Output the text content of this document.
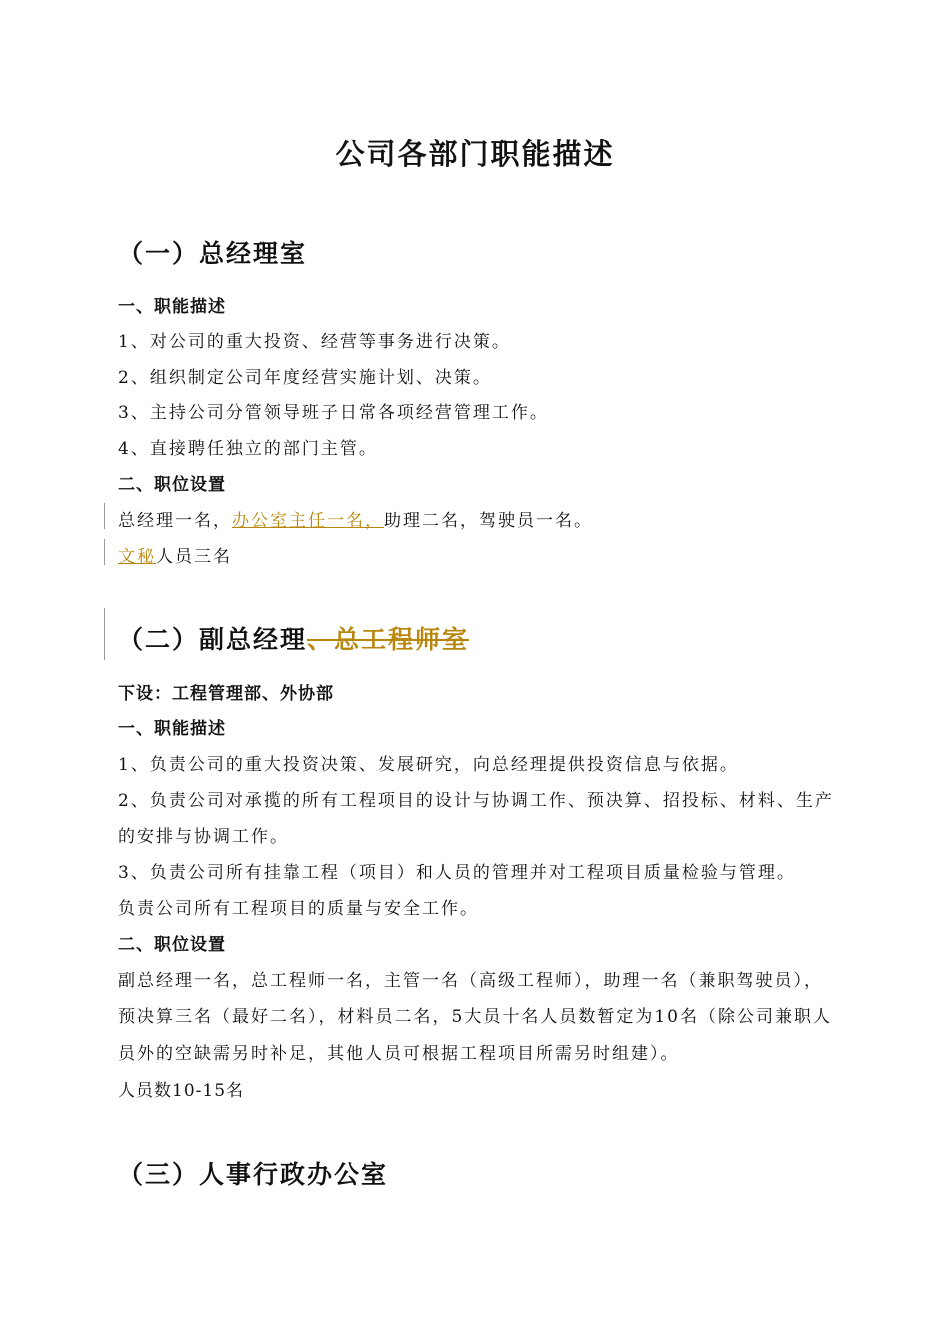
公司各部门职能描述
（一）总经理室
一、职能描述
1、对公司的重大投资、经营等事务进行决策。
2、组织制定公司年度经营实施计划、决策。
3、主持公司分管领导班子日常各项经营管理工作。
4、直接聘任独立的部门主管。
二、职位设置
总经理一名，办公室主任一名，助理二名，驾驶员一名。
文秘人员三名
（二）副总经理、总工程师室
下设：工程管理部、外协部
一、职能描述
1、负责公司的重大投资决策、发展研究，向总经理提供投资信息与依据。
2、负责公司对承揽的所有工程项目的设计与协调工作、预决算、招投标、材料、生产
的安排与协调工作。
3、负责公司所有挂靠工程（项目）和人员的管理并对工程项目质量检验与管理。
负责公司所有工程项目的质量与安全工作。
二、职位设置
副总经理一名，总工程师一名，主管一名（高级工程师），助理一名（兼职驾驶员），
预决算三名（最好二名），材料员二名，5大员十名人员数暂定为10名（除公司兼职人
员外的空缺需另时补足，其他人员可根据工程项目所需另时组建）。
人员数10-15名
（三）人事行政办公室
